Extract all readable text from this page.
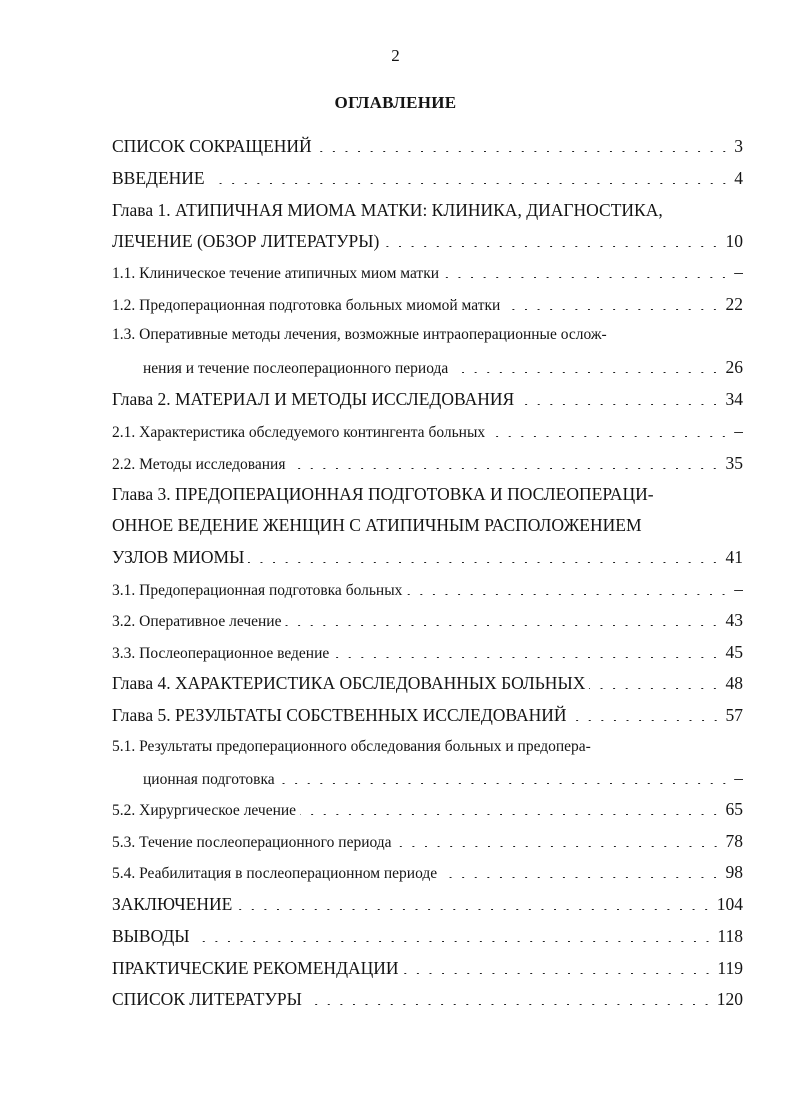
2
ОГЛАВЛЕНИЕ
СПИСОК СОКРАЩЕНИЙ	3
ВВЕДЕНИЕ	4
Глава 1. АТИПИЧНАЯ МИОМА МАТКИ: КЛИНИКА, ДИАГНОСТИКА,
ЛЕЧЕНИЕ (ОБЗОР ЛИТЕРАТУРЫ)	10
1.1. Клиническое течение атипичных миом матки	–
1.2. Предоперационная подготовка больных миомой матки	22
1.3. Оперативные методы лечения, возможные интраоперационные ослож-
нения и течение послеоперационного периода	26
Глава 2. МАТЕРИАЛ И МЕТОДЫ ИССЛЕДОВАНИЯ	34
2.1. Характеристика обследуемого контингента больных	–
2.2. Методы исследования	35
Глава 3. ПРЕДОПЕРАЦИОННАЯ ПОДГОТОВКА И ПОСЛЕОПЕРАЦИ-
ОННОЕ ВЕДЕНИЕ ЖЕНЩИН С АТИПИЧНЫМ РАСПОЛОЖЕНИЕМ
УЗЛОВ МИОМЫ	41
3.1. Предоперационная подготовка больных	–
3.2. Оперативное лечение	43
3.3. Послеоперационное ведение	45
Глава 4. ХАРАКТЕРИСТИКА ОБСЛЕДОВАННЫХ БОЛЬНЫХ	48
Глава 5. РЕЗУЛЬТАТЫ СОБСТВЕННЫХ ИССЛЕДОВАНИЙ	57
5.1. Результаты предоперационного обследования больных и предопера-
ционная подготовка	–
5.2. Хирургическое лечение	65
5.3. Течение послеоперационного периода	78
5.4. Реабилитация в послеоперационном периоде	98
ЗАКЛЮЧЕНИЕ	104
ВЫВОДЫ	118
ПРАКТИЧЕСКИЕ РЕКОМЕНДАЦИИ	119
СПИСОК ЛИТЕРАТУРЫ	120
